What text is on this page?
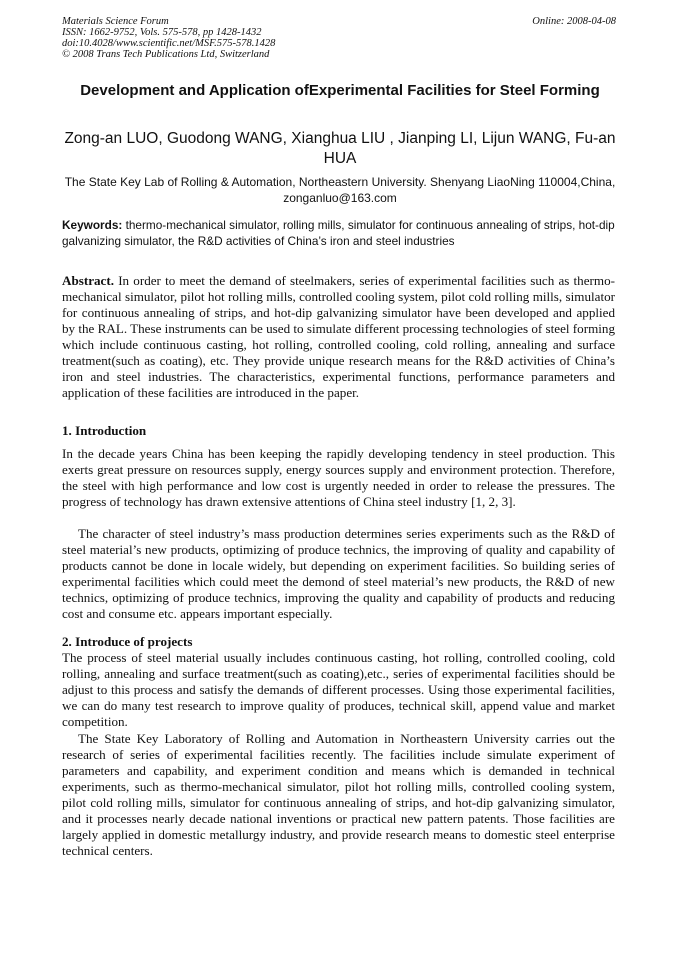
Materials Science Forum
ISSN: 1662-9752, Vols. 575-578, pp 1428-1432
doi:10.4028/www.scientific.net/MSF.575-578.1428
© 2008 Trans Tech Publications Ltd, Switzerland
Online: 2008-04-08
Development and Application ofExperimental Facilities for Steel Forming

Zong-an LUO, Guodong WANG, Xianghua LIU , Jianping LI, Lijun WANG, Fu-an HUA

The State Key Lab of Rolling & Automation, Northeastern University. Shenyang LiaoNing 110004,China, zonganluo@163.com

Keywords: thermo-mechanical simulator, rolling mills, simulator for continuous annealing of strips, hot-dip galvanizing simulator, the R&D activities of China’s iron and steel industries

Abstract. In order to meet the demand of steelmakers, series of experimental facilities such as thermo-mechanical simulator, pilot hot rolling mills, controlled cooling system, pilot cold rolling mills, simulator for continuous annealing of strips, and hot-dip galvanizing simulator have been developed and applied by the RAL. These instruments can be used to simulate different processing technologies of steel forming which include continuous casting, hot rolling, controlled cooling, cold rolling, annealing and surface treatment(such as coating), etc. They provide unique research means for the R&D activities of China’s iron and steel industries. The characteristics, experimental functions, performance parameters and application of these facilities are introduced in the paper.

1. Introduction

In the decade years China has been keeping the rapidly developing tendency in steel production. This exerts great pressure on resources supply, energy sources supply and environment protection. Therefore, the steel with high performance and low cost is urgently needed in order to release the pressures. The progress of technology has drawn extensive attentions of China steel industry [1, 2, 3].

The character of steel industry’s mass production determines series experiments such as the R&D of steel material’s new products, optimizing of produce technics, the improving of quality and capability of products cannot be done in locale widely, but depending on experiment facilities. So building series of experimental facilities which could meet the demond of steel material’s new products, the R&D of new technics, optimizing of produce technics, improving the quality and capability of products and reducing cost and consume etc. appears important especially.

2. Introduce of projects

The process of steel material usually includes continuous casting, hot rolling, controlled cooling, cold rolling, annealing and surface treatment(such as coating),etc., series of experimental facilities should be adjust to this process and satisfy the demands of different processes. Using those experimental facilities, we can do many test research to improve quality of produces, technical skill, append value and market competition.

The State Key Laboratory of Rolling and Automation in Northeastern University carries out the research of series of experimental facilities recently. The facilities include simulate experiment of parameters and capability, and experiment condition and means which is demanded in technical experiments, such as thermo-mechanical simulator, pilot hot rolling mills, controlled cooling system, pilot cold rolling mills, simulator for continuous annealing of strips, and hot-dip galvanizing simulator, and it processes nearly decade national inventions or practical new pattern patents. Those facilities are largely applied in domestic metallurgy industry, and provide research means to domestic steel enterprise technical centers.
